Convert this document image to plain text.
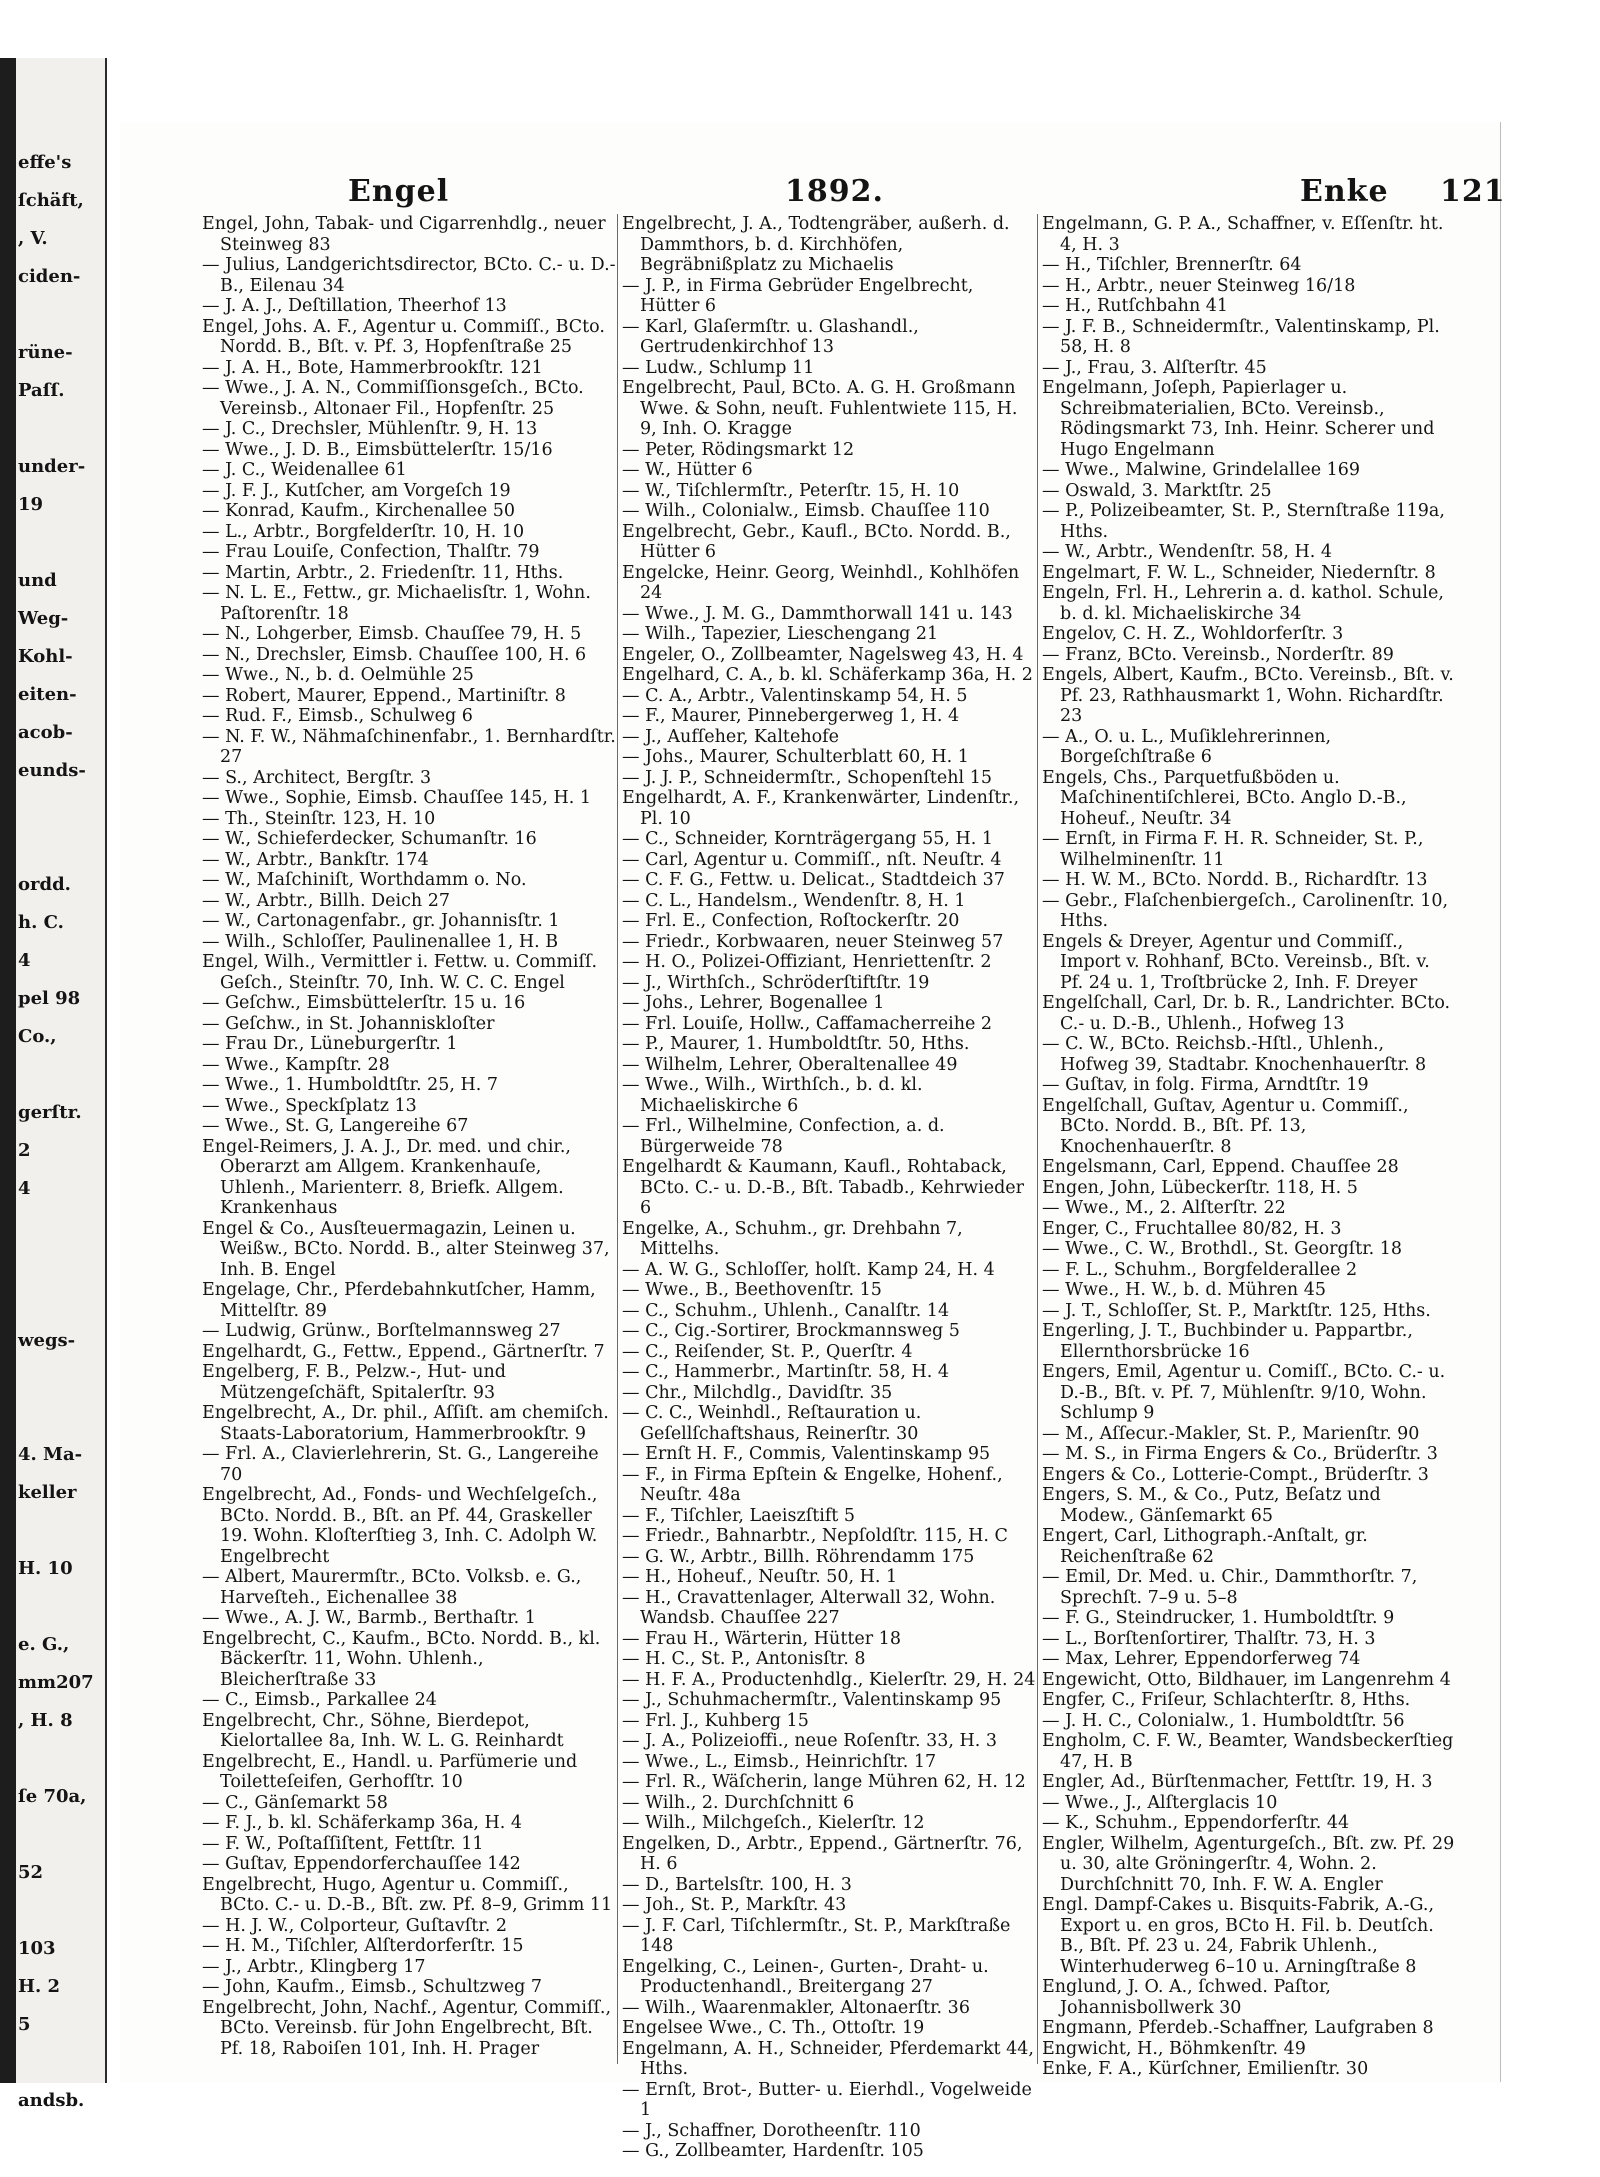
effe's
ſchäft,
, V.
ciden-
rüne-
Paſſ.
under-
19
und
Weg-
Kohl-
eiten-
acob-
eunds-
ordd.
h. C.
4
pel 98
Co.,
gerſtr.
2
4
wegs-
4. Ma-
keller
H. 10
e. G.,
mm207
, H. 8
ſe 70a,
52
103
H. 2
5
andsb.
Engel	1892.	Enke 121

Engel, John, Tabak- und Cigarrenhdlg., neuer Steinweg 83

— Julius, Landgerichtsdirector, BCto. C.- u. D.-B., Eilenau 34

— J. A. J., Deſtillation, Theerhof 13

Engel, Johs. A. F., Agentur u. Commiſſ., BCto. Nordd. B., Bſt. v. Pf. 3, Hopfenſtraße 25

— J. A. H., Bote, Hammerbrookſtr. 121

— Wwe., J. A. N., Commiſſionsgeſch., BCto. Vereinsb., Altonaer Fil., Hopfenſtr. 25

— J. C., Drechsler, Mühlenſtr. 9, H. 13

— Wwe., J. D. B., Eimsbüttelerſtr. 15/16

— J. C., Weidenallee 61

— J. F. J., Kutſcher, am Vorgeſch 19

— Konrad, Kaufm., Kirchenallee 50

— L., Arbtr., Borgfelderſtr. 10, H. 10

— Frau Louiſe, Confection, Thalſtr. 79

— Martin, Arbtr., 2. Friedenſtr. 11, Hths.

— N. L. E., Fettw., gr. Michaelisſtr. 1, Wohn. Paſtorenſtr. 18

— N., Lohgerber, Eimsb. Chauſſee 79, H. 5

— N., Drechsler, Eimsb. Chauſſee 100, H. 6

— Wwe., N., b. d. Oelmühle 25

— Robert, Maurer, Eppend., Martiniſtr. 8

— Rud. F., Eimsb., Schulweg 6

— N. F. W., Nähmaſchinenfabr., 1. Bernhardſtr. 27

— S., Architect, Bergſtr. 3

— Wwe., Sophie, Eimsb. Chauſſee 145, H. 1

— Th., Steinſtr. 123, H. 10

— W., Schieferdecker, Schumanſtr. 16

— W., Arbtr., Bankſtr. 174

— W., Maſchiniſt, Worthdamm o. No.

— W., Arbtr., Billh. Deich 27

— W., Cartonagenfabr., gr. Johannisſtr. 1

— Wilh., Schloſſer, Paulinenallee 1, H. B

Engel, Wilh., Vermittler i. Fettw. u. Commiſſ. Geſch., Steinſtr. 70, Inh. W. C. C. Engel

— Geſchw., Eimsbüttelerſtr. 15 u. 16

— Geſchw., in St. Johanniskloſter

— Frau Dr., Lüneburgerſtr. 1

— Wwe., Kampſtr. 28

— Wwe., 1. Humboldtſtr. 25, H. 7

— Wwe., Speckſplatz 13

— Wwe., St. G, Langereihe 67

Engel-Reimers, J. A. J., Dr. med. und chir., Oberarzt am Allgem. Krankenhauſe, Uhlenh., Marienterr. 8, Briefk. Allgem. Krankenhaus

Engel & Co., Ausſteuermagazin, Leinen u. Weißw., BCto. Nordd. B., alter Steinweg 37, Inh. B. Engel

Engelage, Chr., Pferdebahnkutſcher, Hamm, Mittelſtr. 89

— Ludwig, Grünw., Borſtelmannsweg 27

Engelhardt, G., Fettw., Eppend., Gärtnerſtr. 7

Engelberg, F. B., Pelzw.-, Hut- und Mützengeſchäft, Spitalerſtr. 93

Engelbrecht, A., Dr. phil., Aſſiſt. am chemiſch. Staats-Laboratorium, Hammerbrookſtr. 9

— Frl. A., Clavierlehrerin, St. G., Langereihe 70

Engelbrecht, Ad., Fonds- und Wechſelgeſch., BCto. Nordd. B., Bſt. an Pf. 44, Graskeller 19. Wohn. Kloſterſtieg 3, Inh. C. Adolph W. Engelbrecht

— Albert, Maurermſtr., BCto. Volksb. e. G., Harveſteh., Eichenallee 38

— Wwe., A. J. W., Barmb., Berthaſtr. 1

Engelbrecht, C., Kaufm., BCto. Nordd. B., kl. Bäckerſtr. 11, Wohn. Uhlenh., Bleicherſtraße 33

— C., Eimsb., Parkallee 24

Engelbrecht, Chr., Söhne, Bierdepot, Kielortallee 8a, Inh. W. L. G. Reinhardt

Engelbrecht, E., Handl. u. Parfümerie und Toiletteſeifen, Gerhofſtr. 10

— C., Gänſemarkt 58

— F. J., b. kl. Schäferkamp 36a, H. 4

— F. W., Poſtaſſiſtent, Fettſtr. 11

— Guſtav, Eppendorferchauſſee 142

Engelbrecht, Hugo, Agentur u. Commiſſ., BCto. C.- u. D.-B., Bſt. zw. Pf. 8–9, Grimm 11

— H. J. W., Colporteur, Guſtavſtr. 2

— H. M., Tiſchler, Alſterdorferſtr. 15

— J., Arbtr., Klingberg 17

— John, Kaufm., Eimsb., Schultzweg 7

Engelbrecht, John, Nachf., Agentur, Commiſſ., BCto. Vereinsb. für John Engelbrecht, Bſt. Pf. 18, Raboiſen 101, Inh. H. Prager

Engelbrecht, J. A., Todtengräber, außerh. d. Dammthors, b. d. Kirchhöfen, Begräbnißplatz zu Michaelis

— J. P., in Firma Gebrüder Engelbrecht, Hütter 6

— Karl, Glaſermſtr. u. Glashandl., Gertrudenkirchhof 13

— Ludw., Schlump 11

Engelbrecht, Paul, BCto. A. G. H. Großmann Wwe. & Sohn, neuſt. Fuhlentwiete 115, H. 9, Inh. O. Kragge

— Peter, Rödingsmarkt 12

— W., Hütter 6

— W., Tiſchlermſtr., Peterſtr. 15, H. 10

— Wilh., Colonialw., Eimsb. Chauſſee 110

Engelbrecht, Gebr., Kaufl., BCto. Nordd. B., Hütter 6

Engelcke, Heinr. Georg, Weinhdl., Kohlhöfen 24

— Wwe., J. M. G., Dammthorwall 141 u. 143

— Wilh., Tapezier, Lieschengang 21

Engeler, O., Zollbeamter, Nagelsweg 43, H. 4

Engelhard, C. A., b. kl. Schäferkamp 36a, H. 2

— C. A., Arbtr., Valentinskamp 54, H. 5

— F., Maurer, Pinnebergerweg 1, H. 4

— J., Aufſeher, Kaltehofe

— Johs., Maurer, Schulterblatt 60, H. 1

— J. J. P., Schneidermſtr., Schopenſtehl 15

Engelhardt, A. F., Krankenwärter, Lindenſtr., Pl. 10

— C., Schneider, Kornträgergang 55, H. 1

— Carl, Agentur u. Commiſſ., nſt. Neuſtr. 4

— C. F. G., Fettw. u. Delicat., Stadtdeich 37

— C. L., Handelsm., Wendenſtr. 8, H. 1

— Frl. E., Confection, Roſtockerſtr. 20

— Friedr., Korbwaaren, neuer Steinweg 57

— H. O., Polizei-Offiziant, Henriettenſtr. 2

— J., Wirthſch., Schröderſtiftſtr. 19

— Johs., Lehrer, Bogenallee 1

— Frl. Louiſe, Hollw., Caffamacherreihe 2

— P., Maurer, 1. Humboldtſtr. 50, Hths.

— Wilhelm, Lehrer, Oberaltenallee 49

— Wwe., Wilh., Wirthſch., b. d. kl. Michaeliskirche 6

— Frl., Wilhelmine, Confection, a. d. Bürgerweide 78

Engelhardt & Kaumann, Kaufl., Rohtaback, BCto. C.- u. D.-B., Bſt. Tabadb., Kehrwieder 6

Engelke, A., Schuhm., gr. Drehbahn 7, Mittelhs.

— A. W. G., Schloſſer, holſt. Kamp 24, H. 4

— Wwe., B., Beethovenſtr. 15

— C., Schuhm., Uhlenh., Canalſtr. 14

— C., Cig.-Sortirer, Brockmannsweg 5

— C., Reiſender, St. P., Querſtr. 4

— C., Hammerbr., Martinſtr. 58, H. 4

— Chr., Milchdlg., Davidſtr. 35

— C. C., Weinhdl., Reſtauration u. Geſellſchaftshaus, Reinerſtr. 30

— Ernſt H. F., Commis, Valentinskamp 95

— F., in Firma Epſtein & Engelke, Hohenf., Neuſtr. 48a

— F., Tiſchler, Laeiszſtift 5

— Friedr., Bahnarbtr., Nepſoldſtr. 115, H. C

— G. W., Arbtr., Billh. Röhrendamm 175

— H., Hoheuf., Neuſtr. 50, H. 1

— H., Cravattenlager, Alterwall 32, Wohn. Wandsb. Chauſſee 227

— Frau H., Wärterin, Hütter 18

— H. C., St. P., Antonisſtr. 8

— H. F. A., Productenhdlg., Kielerſtr. 29, H. 24

— J., Schuhmachermſtr., Valentinskamp 95

— Frl. J., Kuhberg 15

— J. A., Polizeioffi., neue Roſenſtr. 33, H. 3

— Wwe., L., Eimsb., Heinrichſtr. 17

— Frl. R., Wäſcherin, lange Mühren 62, H. 12

— Wilh., 2. Durchſchnitt 6

— Wilh., Milchgeſch., Kielerſtr. 12

Engelken, D., Arbtr., Eppend., Gärtnerſtr. 76, H. 6

— D., Bartelsſtr. 100, H. 3

— Joh., St. P., Markſtr. 43

— J. F. Carl, Tiſchlermſtr., St. P., Markſtraße 148

Engelking, C., Leinen-, Gurten-, Draht- u. Productenhandl., Breitergang 27

— Wilh., Waarenmakler, Altonaerſtr. 36

Engelsee Wwe., C. Th., Ottoſtr. 19

Engelmann, A. H., Schneider, Pferdemarkt 44, Hths.

— Ernſt, Brot-, Butter- u. Eierhdl., Vogelweide 1

— J., Schaffner, Dorotheenſtr. 110

— G., Zollbeamter, Hardenſtr. 105

Engelmann, G. P. A., Schaffner, v. Eſſenſtr. ht. 4, H. 3

— H., Tiſchler, Brennerſtr. 64

— H., Arbtr., neuer Steinweg 16/18

— H., Rutſchbahn 41

— J. F. B., Schneidermſtr., Valentinskamp, Pl. 58, H. 8

— J., Frau, 3. Alſterſtr. 45

Engelmann, Joſeph, Papierlager u. Schreibmaterialien, BCto. Vereinsb., Rödingsmarkt 73, Inh. Heinr. Scherer und Hugo Engelmann

— Wwe., Malwine, Grindelallee 169

— Oswald, 3. Marktſtr. 25

— P., Polizeibeamter, St. P., Sternſtraße 119a, Hths.

— W., Arbtr., Wendenſtr. 58, H. 4

Engelmart, F. W. L., Schneider, Niedernſtr. 8

Engeln, Frl. H., Lehrerin a. d. kathol. Schule, b. d. kl. Michaeliskirche 34

Engelov, C. H. Z., Wohldorferſtr. 3

— Franz, BCto. Vereinsb., Norderſtr. 89

Engels, Albert, Kaufm., BCto. Vereinsb., Bſt. v. Pf. 23, Rathhausmarkt 1, Wohn. Richardſtr. 23

— A., O. u. L., Muſiklehrerinnen, Borgeſchſtraße 6

Engels, Chs., Parquetfußböden u. Maſchinentiſchlerei, BCto. Anglo D.-B., Hoheuf., Neuſtr. 34

— Ernſt, in Firma F. H. R. Schneider, St. P., Wilhelminenſtr. 11

— H. W. M., BCto. Nordd. B., Richardſtr. 13

— Gebr., Flaſchenbiergeſch., Carolinenſtr. 10, Hths.

Engels & Dreyer, Agentur und Commiſſ., Import v. Rohhanf, BCto. Vereinsb., Bſt. v. Pf. 24 u. 1, Troſtbrücke 2, Inh. F. Dreyer

Engelſchall, Carl, Dr. b. R., Landrichter. BCto. C.- u. D.-B., Uhlenh., Hofweg 13

— C. W., BCto. Reichsb.-Hſtl., Uhlenh., Hofweg 39, Stadtabr. Knochenhauerſtr. 8

— Guſtav, in folg. Firma, Arndtſtr. 19

Engelſchall, Guſtav, Agentur u. Commiſſ., BCto. Nordd. B., Bſt. Pf. 13, Knochenhauerſtr. 8

Engelsmann, Carl, Eppend. Chauſſee 28

Engen, John, Lübeckerſtr. 118, H. 5

— Wwe., M., 2. Alſterſtr. 22

Enger, C., Fruchtallee 80/82, H. 3

— Wwe., C. W., Brothdl., St. Georgſtr. 18

— F. L., Schuhm., Borgfelderallee 2

— Wwe., H. W., b. d. Mühren 45

— J. T., Schloſſer, St. P., Marktſtr. 125, Hths.

Engerling, J. T., Buchbinder u. Pappartbr., Ellernthorsbrücke 16

Engers, Emil, Agentur u. Comiſſ., BCto. C.- u. D.-B., Bſt. v. Pf. 7, Mühlenſtr. 9/10, Wohn. Schlump 9

— M., Aſſecur.-Makler, St. P., Marienſtr. 90

— M. S., in Firma Engers & Co., Brüderſtr. 3

Engers & Co., Lotterie-Compt., Brüderſtr. 3

Engers, S. M., & Co., Putz, Beſatz und Modew., Gänſemarkt 65

Engert, Carl, Lithograph.-Anſtalt, gr. Reichenſtraße 62

— Emil, Dr. Med. u. Chir., Dammthorſtr. 7, Sprechſt. 7–9 u. 5–8

— F. G., Steindrucker, 1. Humboldtſtr. 9

— L., Borſtenſortirer, Thalſtr. 73, H. 3

— Max, Lehrer, Eppendorferweg 74

Engewicht, Otto, Bildhauer, im Langenrehm 4

Engfer, C., Friſeur, Schlachterſtr. 8, Hths.

— J. H. C., Colonialw., 1. Humboldtſtr. 56

Engholm, C. F. W., Beamter, Wandsbeckerſtieg 47, H. B

Engler, Ad., Bürſtenmacher, Fettſtr. 19, H. 3

— Wwe., J., Alſterglacis 10

— K., Schuhm., Eppendorferſtr. 44

Engler, Wilhelm, Agenturgeſch., Bſt. zw. Pf. 29 u. 30, alte Gröningerſtr. 4, Wohn. 2. Durchſchnitt 70, Inh. F. W. A. Engler

Engl. Dampf-Cakes u. Bisquits-Fabrik, A.-G., Export u. en gros, BCto H. Fil. b. Deutſch. B., Bſt. Pf. 23 u. 24, Fabrik Uhlenh., Winterhuderweg 6–10 u. Arningſtraße 8

Englund, J. O. A., ſchwed. Paſtor, Johannisbollwerk 30

Engmann, Pferdeb.-Schaffner, Laufgraben 8

Engwicht, H., Böhmkenſtr. 49

Enke, F. A., Kürſchner, Emilienſtr. 30
